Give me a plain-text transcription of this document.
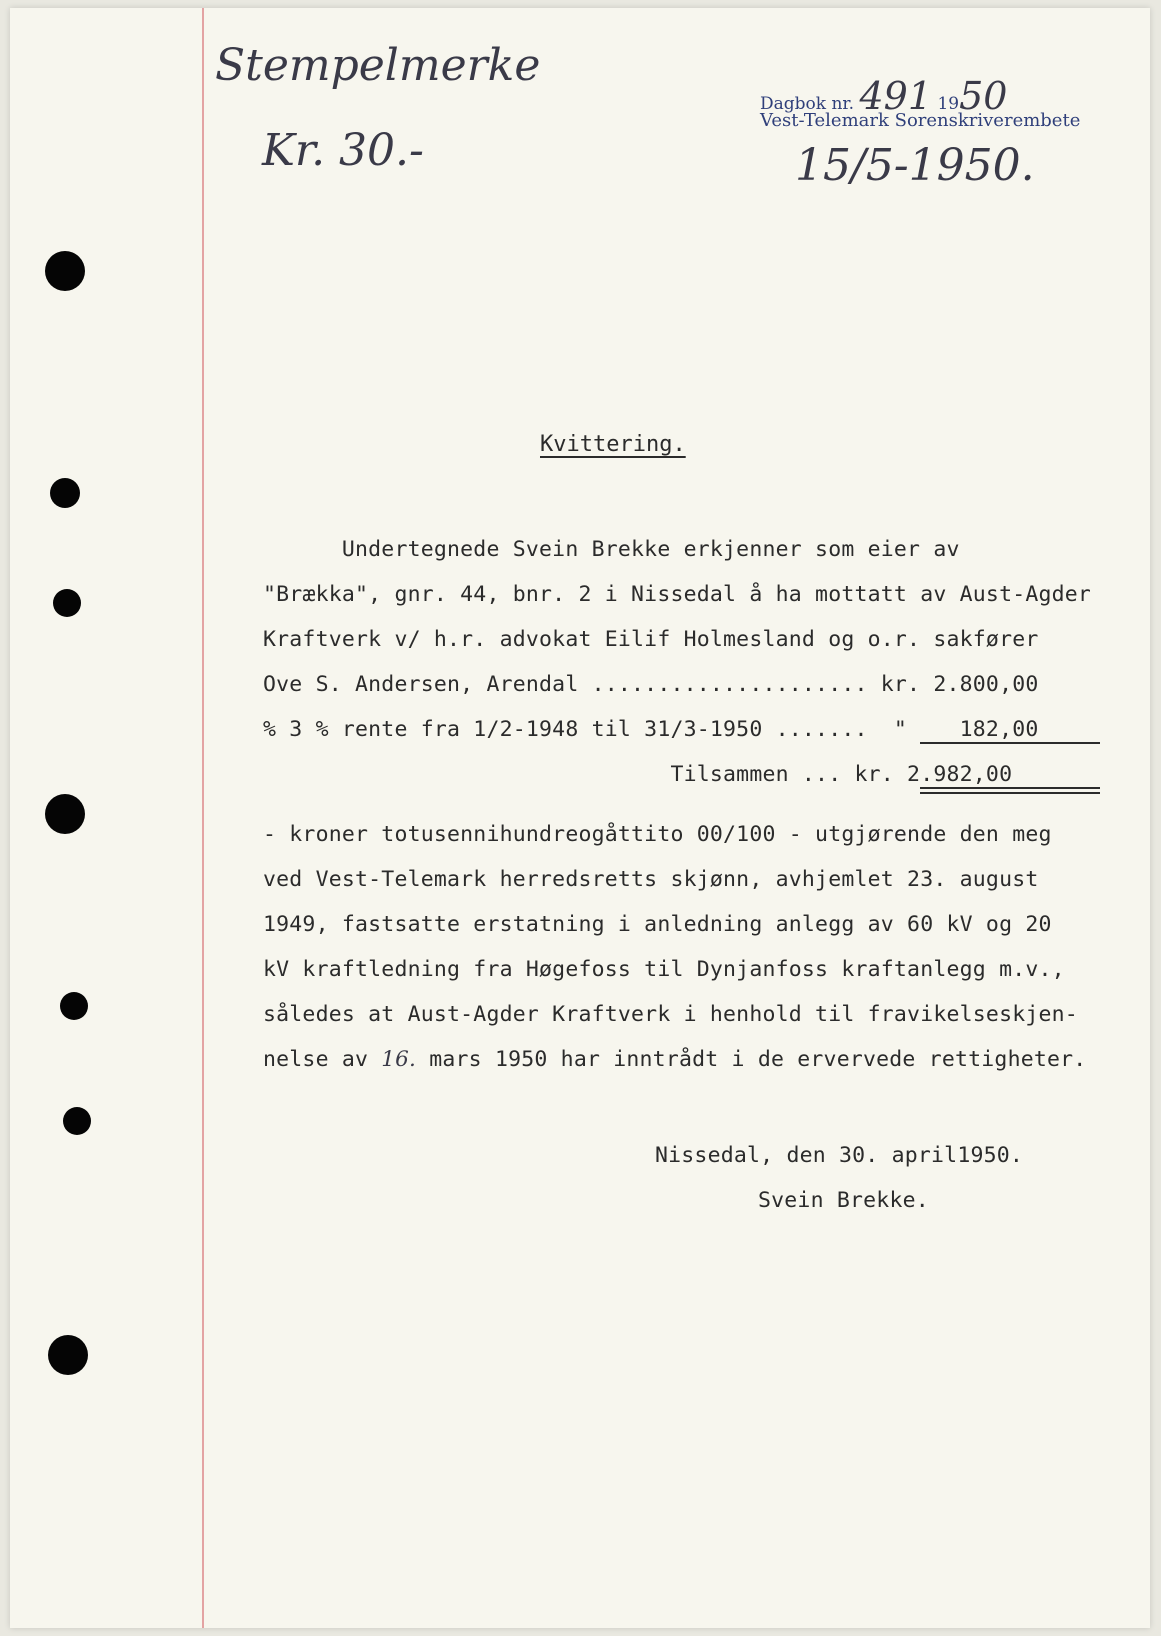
Stempelmerke
Kr. 30.-
Dagbok nr. 491 1950
Vest-Telemark Sorenskriverembete
15/5-1950.
Kvittering.
Undertegnede Svein Brekke erkjenner som eier av
"Brækka", gnr. 44, bnr. 2 i Nissedal å ha mottatt av Aust-Agder
Kraftverk v/ h.r. advokat Eilif Holmesland og o.r. sakfører
Ove S. Andersen, Arendal ..................... kr. 2.800,00
% 3 % rente fra 1/2-1948 til 31/3-1950 .......  "    182,00
Tilsammen ... kr. 2.982,00
- kroner totusennihundreogåttito 00/100 - utgjørende den meg
ved Vest-Telemark herredsretts skjønn, avhjemlet 23. august
1949, fastsatte erstatning i anledning anlegg av 60 kV og 20
kV kraftledning fra Høgefoss til Dynjanfoss kraftanlegg m.v.,
således at Aust-Agder Kraftverk i henhold til fravikelseskjen-
nelse av 16. mars 1950 har inntrådt i de ervervede rettigheter.
Nissedal, den 30. april1950.
Svein Brekke.
